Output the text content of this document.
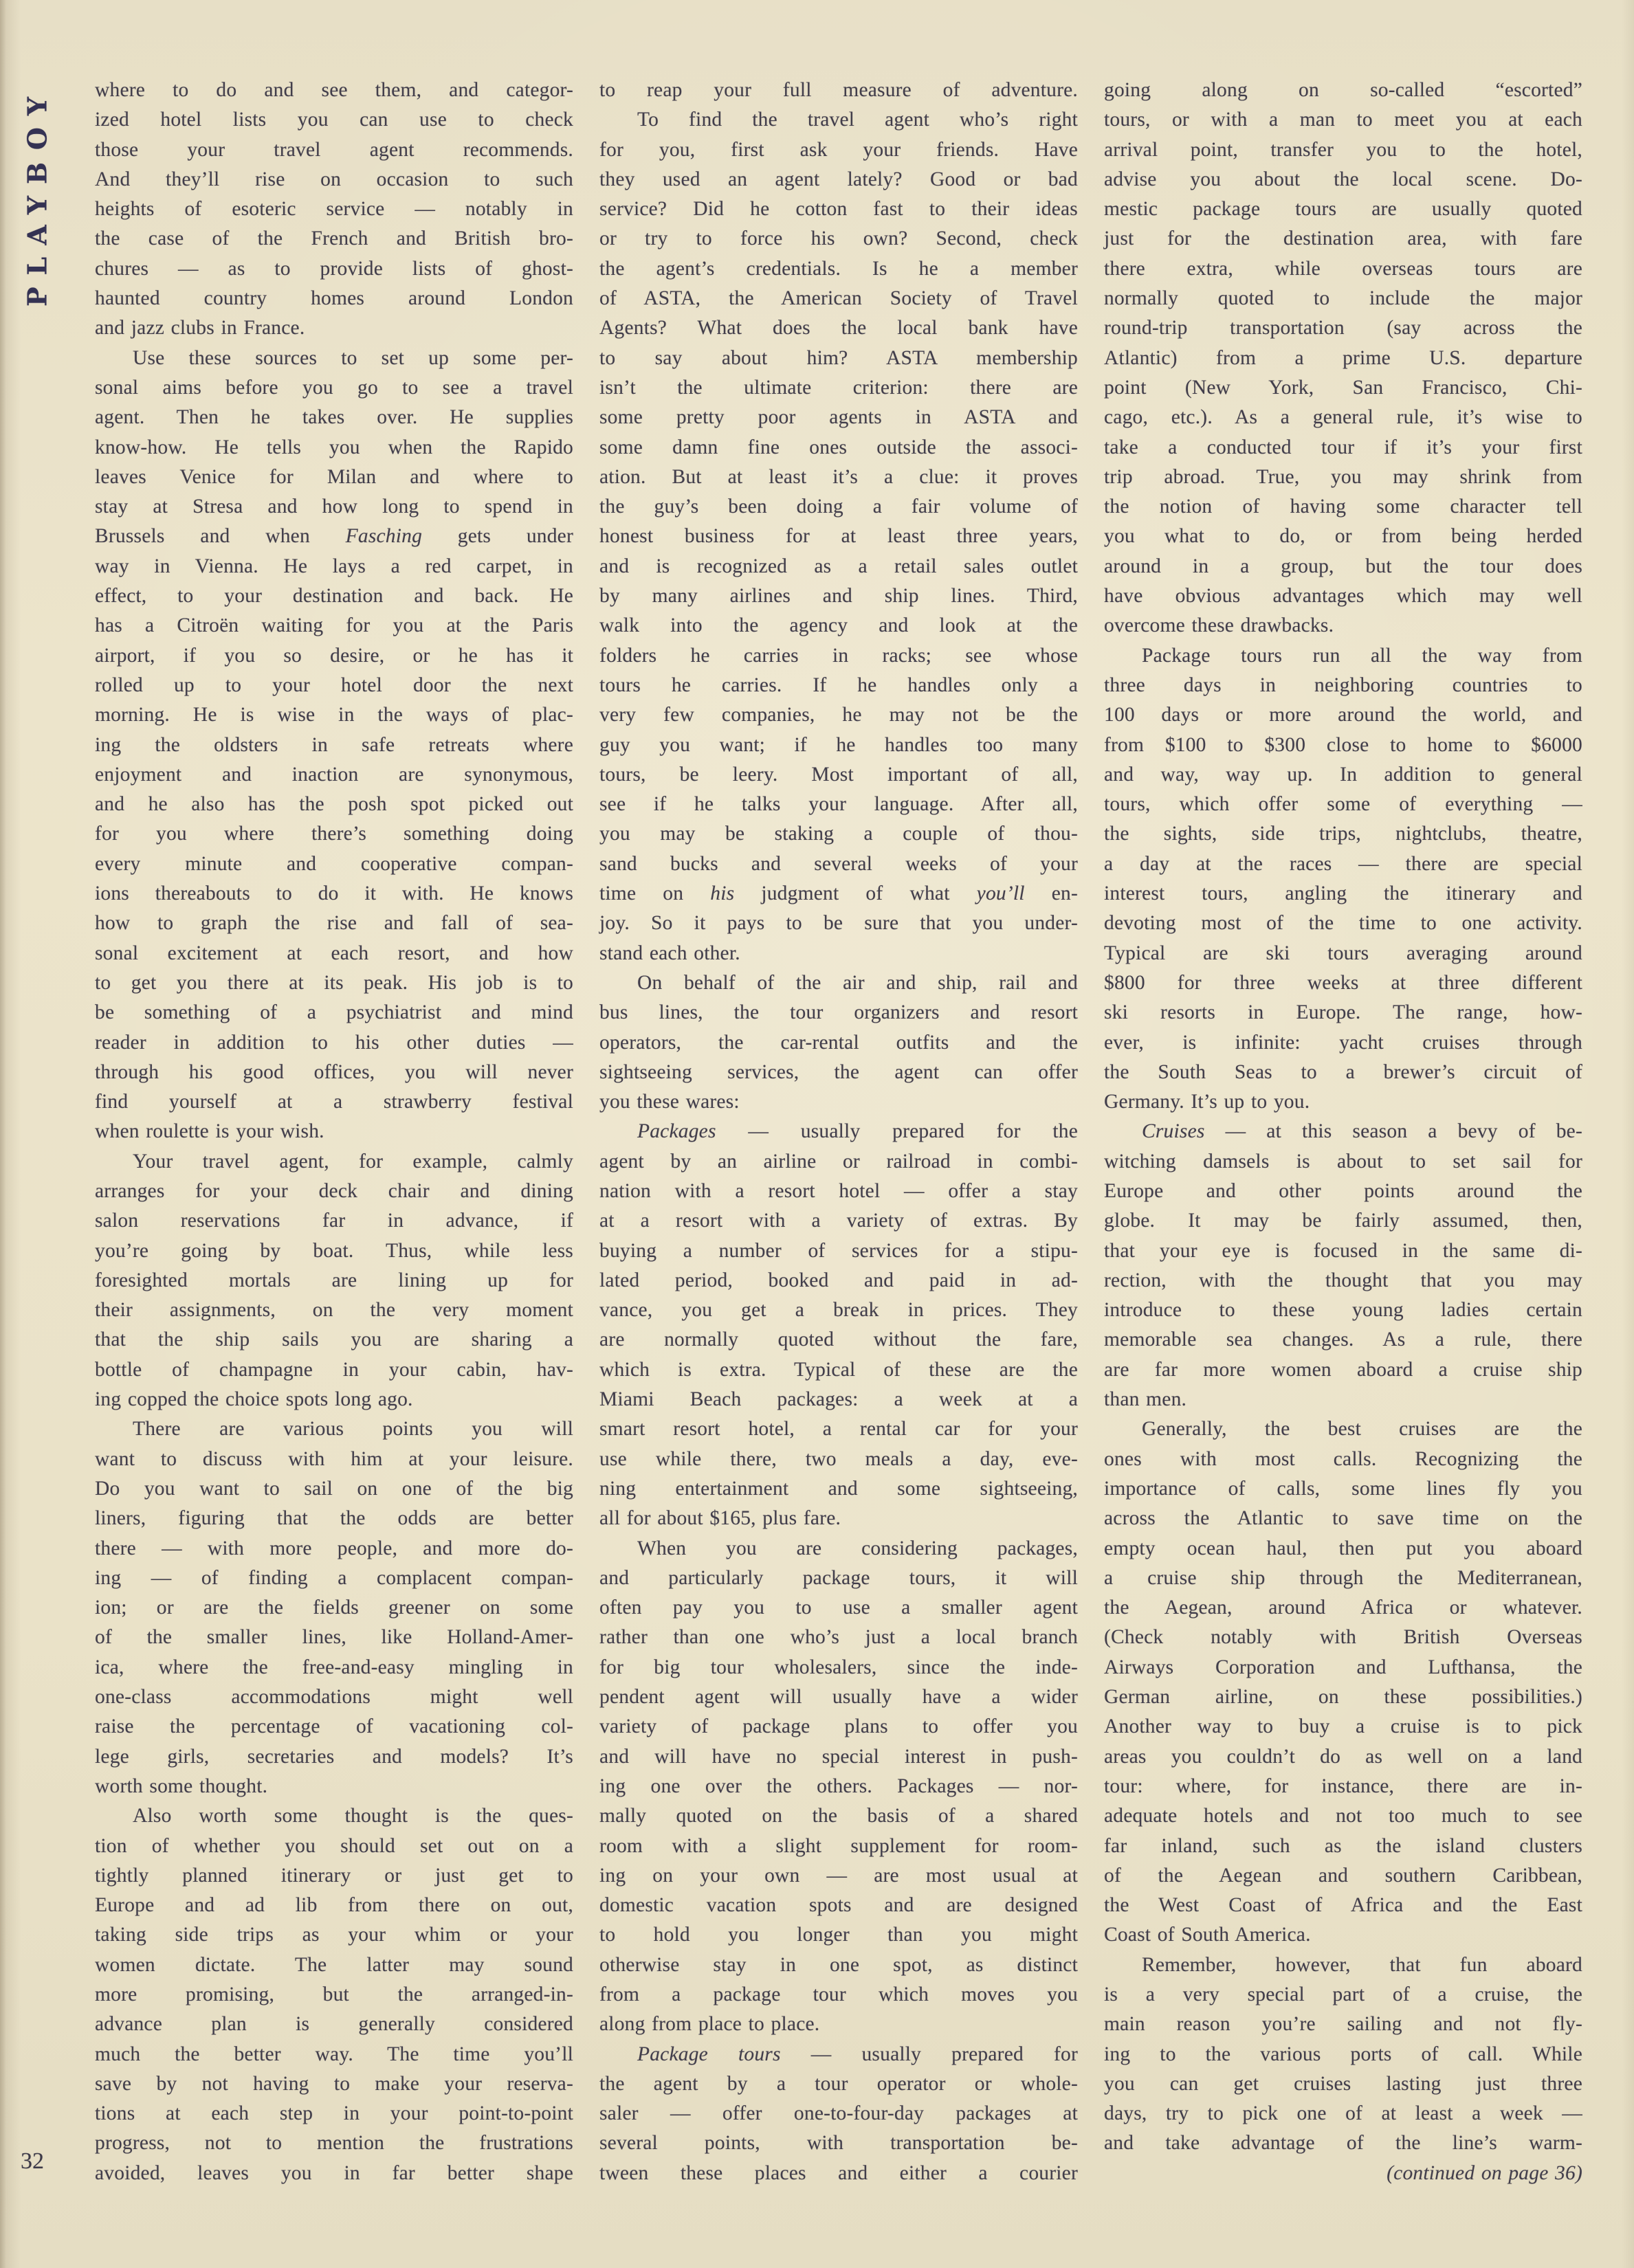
PLAYBOY
32
where to do and see them, and categor-
ized hotel lists you can use to check
those your travel agent recommends.
And they’ll rise on occasion to such
heights of esoteric service — notably in
the case of the French and British bro-
chures — as to provide lists of ghost-
haunted country homes around London
and jazz clubs in France.
Use these sources to set up some per-
sonal aims before you go to see a travel
agent. Then he takes over. He supplies
know-how. He tells you when the Rapido
leaves Venice for Milan and where to
stay at Stresa and how long to spend in
Brussels and when Fasching gets under
way in Vienna. He lays a red carpet, in
effect, to your destination and back. He
has a Citroën waiting for you at the Paris
airport, if you so desire, or he has it
rolled up to your hotel door the next
morning. He is wise in the ways of plac-
ing the oldsters in safe retreats where
enjoyment and inaction are synonymous,
and he also has the posh spot picked out
for you where there’s something doing
every minute and cooperative compan-
ions thereabouts to do it with. He knows
how to graph the rise and fall of sea-
sonal excitement at each resort, and how
to get you there at its peak. His job is to
be something of a psychiatrist and mind
reader in addition to his other duties —
through his good offices, you will never
find yourself at a strawberry festival
when roulette is your wish.
Your travel agent, for example, calmly
arranges for your deck chair and dining
salon reservations far in advance, if
you’re going by boat. Thus, while less
foresighted mortals are lining up for
their assignments, on the very moment
that the ship sails you are sharing a
bottle of champagne in your cabin, hav-
ing copped the choice spots long ago.
There are various points you will
want to discuss with him at your leisure.
Do you want to sail on one of the big
liners, figuring that the odds are better
there — with more people, and more do-
ing — of finding a complacent compan-
ion; or are the fields greener on some
of the smaller lines, like Holland-Amer-
ica, where the free-and-easy mingling in
one-class accommodations might well
raise the percentage of vacationing col-
lege girls, secretaries and models? It’s
worth some thought.
Also worth some thought is the ques-
tion of whether you should set out on a
tightly planned itinerary or just get to
Europe and ad lib from there on out,
taking side trips as your whim or your
women dictate. The latter may sound
more promising, but the arranged-in-
advance plan is generally considered
much the better way. The time you’ll
save by not having to make your reserva-
tions at each step in your point-to-point
progress, not to mention the frustrations
avoided, leaves you in far better shape
to reap your full measure of adventure.
To find the travel agent who’s right
for you, first ask your friends. Have
they used an agent lately? Good or bad
service? Did he cotton fast to their ideas
or try to force his own? Second, check
the agent’s credentials. Is he a member
of ASTA, the American Society of Travel
Agents? What does the local bank have
to say about him? ASTA membership
isn’t the ultimate criterion: there are
some pretty poor agents in ASTA and
some damn fine ones outside the associ-
ation. But at least it’s a clue: it proves
the guy’s been doing a fair volume of
honest business for at least three years,
and is recognized as a retail sales outlet
by many airlines and ship lines. Third,
walk into the agency and look at the
folders he carries in racks; see whose
tours he carries. If he handles only a
very few companies, he may not be the
guy you want; if he handles too many
tours, be leery. Most important of all,
see if he talks your language. After all,
you may be staking a couple of thou-
sand bucks and several weeks of your
time on his judgment of what you’ll en-
joy. So it pays to be sure that you under-
stand each other.
On behalf of the air and ship, rail and
bus lines, the tour organizers and resort
operators, the car-rental outfits and the
sightseeing services, the agent can offer
you these wares:
Packages — usually prepared for the
agent by an airline or railroad in combi-
nation with a resort hotel — offer a stay
at a resort with a variety of extras. By
buying a number of services for a stipu-
lated period, booked and paid in ad-
vance, you get a break in prices. They
are normally quoted without the fare,
which is extra. Typical of these are the
Miami Beach packages: a week at a
smart resort hotel, a rental car for your
use while there, two meals a day, eve-
ning entertainment and some sightseeing,
all for about $165, plus fare.
When you are considering packages,
and particularly package tours, it will
often pay you to use a smaller agent
rather than one who’s just a local branch
for big tour wholesalers, since the inde-
pendent agent will usually have a wider
variety of package plans to offer you
and will have no special interest in push-
ing one over the others. Packages — nor-
mally quoted on the basis of a shared
room with a slight supplement for room-
ing on your own — are most usual at
domestic vacation spots and are designed
to hold you longer than you might
otherwise stay in one spot, as distinct
from a package tour which moves you
along from place to place.
Package tours — usually prepared for
the agent by a tour operator or whole-
saler — offer one-to-four-day packages at
several points, with transportation be-
tween these places and either a courier
going along on so-called “escorted”
tours, or with a man to meet you at each
arrival point, transfer you to the hotel,
advise you about the local scene. Do-
mestic package tours are usually quoted
just for the destination area, with fare
there extra, while overseas tours are
normally quoted to include the major
round-trip transportation (say across the
Atlantic) from a prime U.S. departure
point (New York, San Francisco, Chi-
cago, etc.). As a general rule, it’s wise to
take a conducted tour if it’s your first
trip abroad. True, you may shrink from
the notion of having some character tell
you what to do, or from being herded
around in a group, but the tour does
have obvious advantages which may well
overcome these drawbacks.
Package tours run all the way from
three days in neighboring countries to
100 days or more around the world, and
from $100 to $300 close to home to $6000
and way, way up. In addition to general
tours, which offer some of everything —
the sights, side trips, nightclubs, theatre,
a day at the races — there are special
interest tours, angling the itinerary and
devoting most of the time to one activity.
Typical are ski tours averaging around
$800 for three weeks at three different
ski resorts in Europe. The range, how-
ever, is infinite: yacht cruises through
the South Seas to a brewer’s circuit of
Germany. It’s up to you.
Cruises — at this season a bevy of be-
witching damsels is about to set sail for
Europe and other points around the
globe. It may be fairly assumed, then,
that your eye is focused in the same di-
rection, with the thought that you may
introduce to these young ladies certain
memorable sea changes. As a rule, there
are far more women aboard a cruise ship
than men.
Generally, the best cruises are the
ones with most calls. Recognizing the
importance of calls, some lines fly you
across the Atlantic to save time on the
empty ocean haul, then put you aboard
a cruise ship through the Mediterranean,
the Aegean, around Africa or whatever.
(Check notably with British Overseas
Airways Corporation and Lufthansa, the
German airline, on these possibilities.)
Another way to buy a cruise is to pick
areas you couldn’t do as well on a land
tour: where, for instance, there are in-
adequate hotels and not too much to see
far inland, such as the island clusters
of the Aegean and southern Caribbean,
the West Coast of Africa and the East
Coast of South America.
Remember, however, that fun aboard
is a very special part of a cruise, the
main reason you’re sailing and not fly-
ing to the various ports of call. While
you can get cruises lasting just three
days, try to pick one of at least a week —
and take advantage of the line’s warm-
(continued on page 36)
